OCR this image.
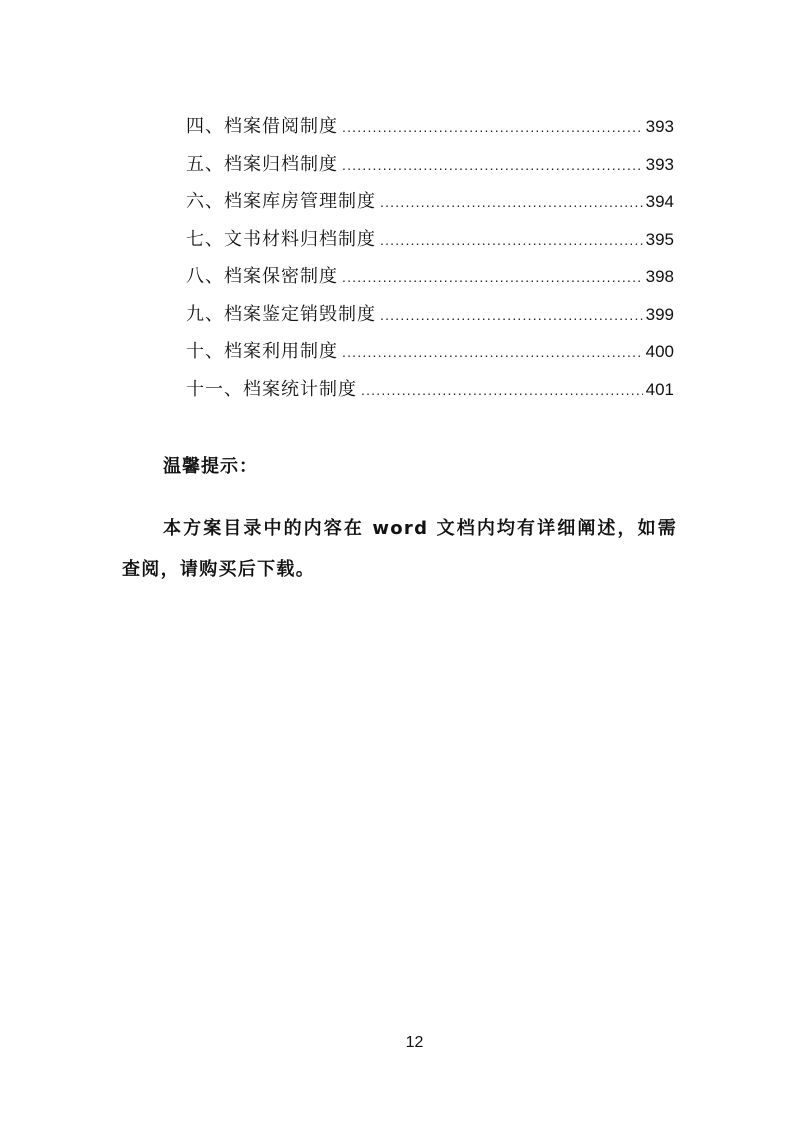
四、档案借阅制度 .....	393
五、档案归档制度 .....	393
六、档案库房管理制度 .....	394
七、文书材料归档制度 .....	395
八、档案保密制度 .....	398
九、档案鉴定销毁制度 .....	399
十、档案利用制度 .....	400
十一、档案统计制度 .....	401
温馨提示：

本方案目录中的内容在 word 文档内均有详细阐述，如需查阅，请购买后下载。

12
